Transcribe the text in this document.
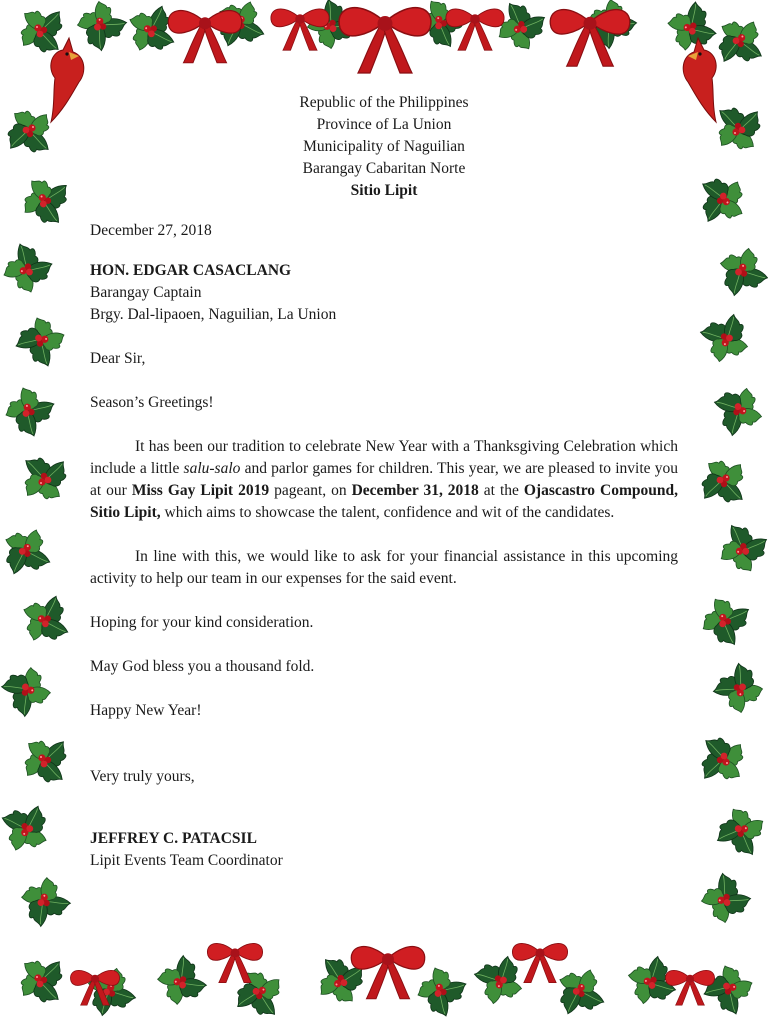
Republic of the Philippines
Province of La Union
Municipality of Naguilian
Barangay Cabaritan Norte
Sitio Lipit

December 27, 2018

HON. EDGAR CASACLANG

Barangay Captain

Brgy. Dal-lipaoen, Naguilian, La Union

Dear Sir,

Season’s Greetings!

It has been our tradition to celebrate New Year with a Thanksgiving Celebration which include a little salu-salo and parlor games for children. This year, we are pleased to invite you at our Miss Gay Lipit 2019 pageant, on December 31, 2018 at the Ojascastro Compound, Sitio Lipit, which aims to showcase the talent, confidence and wit of the candidates.

In line with this, we would like to ask for your financial assistance in this upcoming activity to help our team in our expenses for the said event.

Hoping for your kind consideration.

May God bless you a thousand fold.

Happy New Year!

Very truly yours,

JEFFREY C. PATACSIL

Lipit Events Team Coordinator
